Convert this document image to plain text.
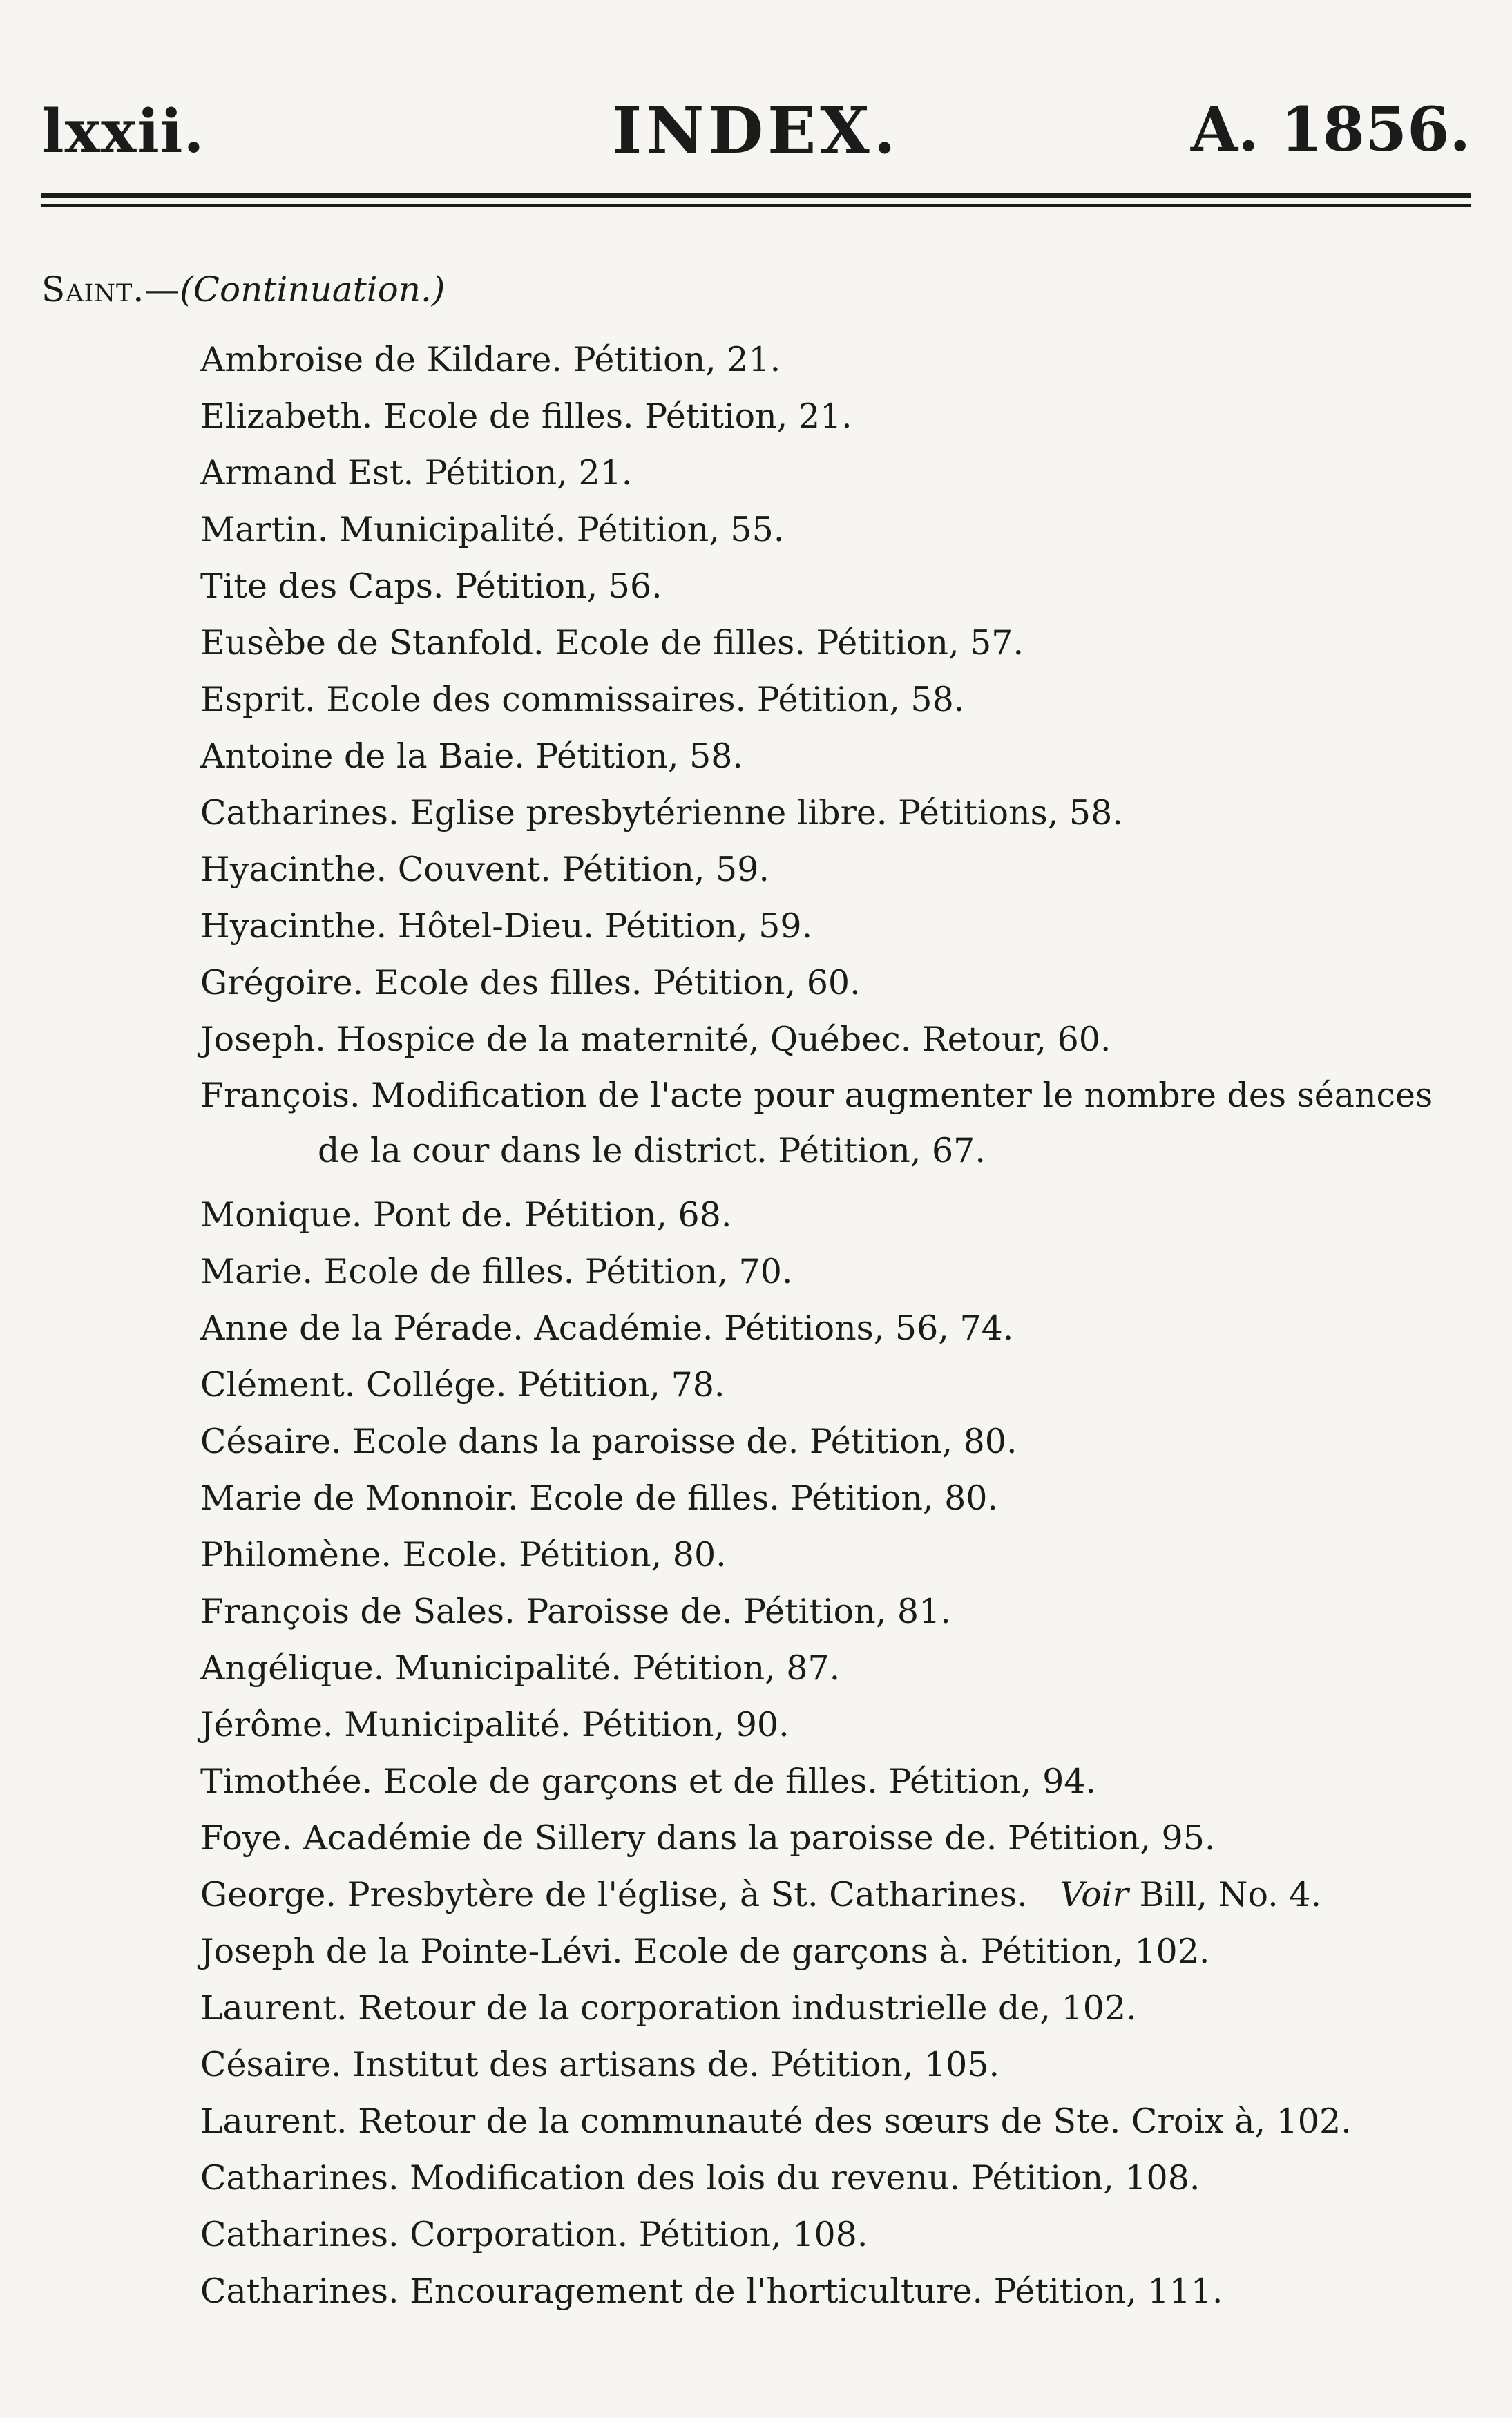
lxxii.	INDEX.	A. 1856.
Saint.—(Continuation.)
Ambroise de Kildare. Pétition, 21.
Elizabeth. Ecole de filles. Pétition, 21.
Armand Est. Pétition, 21.
Martin. Municipalité. Pétition, 55.
Tite des Caps. Pétition, 56.
Eusèbe de Stanfold. Ecole de filles. Pétition, 57.
Esprit. Ecole des commissaires. Pétition, 58.
Antoine de la Baie. Pétition, 58.
Catharines. Eglise presbytérienne libre. Pétitions, 58.
Hyacinthe. Couvent. Pétition, 59.
Hyacinthe. Hôtel-Dieu. Pétition, 59.
Grégoire. Ecole des filles. Pétition, 60.
Joseph. Hospice de la maternité, Québec. Retour, 60.
François. Modification de l'acte pour augmenter le nombre des séances de la cour dans le district. Pétition, 67.
Monique. Pont de. Pétition, 68.
Marie. Ecole de filles. Pétition, 70.
Anne de la Pérade. Académie. Pétitions, 56, 74.
Clément. Collége. Pétition, 78.
Césaire. Ecole dans la paroisse de. Pétition, 80.
Marie de Monnoir. Ecole de filles. Pétition, 80.
Philomène. Ecole. Pétition, 80.
François de Sales. Paroisse de. Pétition, 81.
Angélique. Municipalité. Pétition, 87.
Jérôme. Municipalité. Pétition, 90.
Timothée. Ecole de garçons et de filles. Pétition, 94.
Foye. Académie de Sillery dans la paroisse de. Pétition, 95.
George. Presbytère de l'église, à St. Catharines. Voir Bill, No. 4.
Joseph de la Pointe-Lévi. Ecole de garçons à. Pétition, 102.
Laurent. Retour de la corporation industrielle de, 102.
Césaire. Institut des artisans de. Pétition, 105.
Laurent. Retour de la communauté des sœurs de Ste. Croix à, 102.
Catharines. Modification des lois du revenu. Pétition, 108.
Catharines. Corporation. Pétition, 108.
Catharines. Encouragement de l'horticulture. Pétition, 111.
